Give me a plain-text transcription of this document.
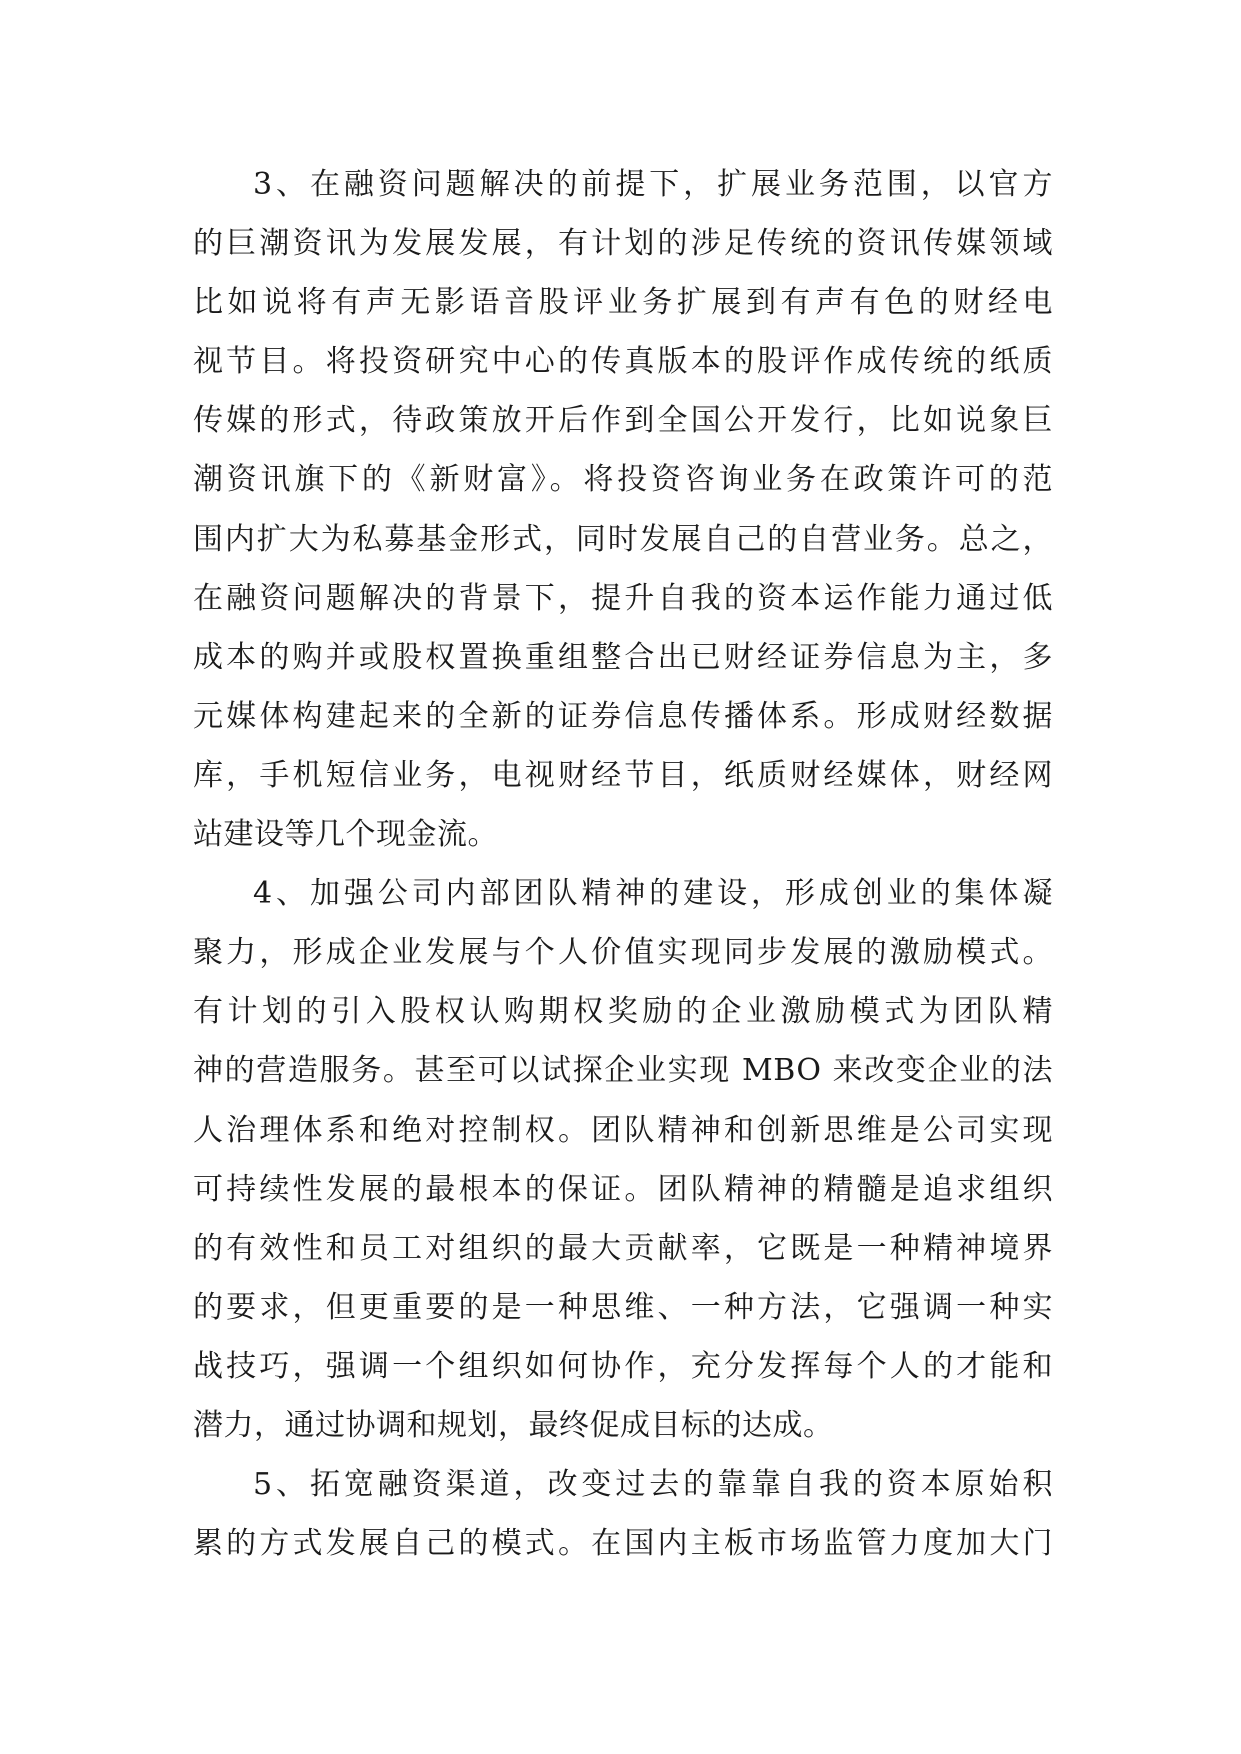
3、在融资问题解决的前提下，扩展业务范围，以官方
的巨潮资讯为发展发展，有计划的涉足传统的资讯传媒领域
比如说将有声无影语音股评业务扩展到有声有色的财经电
视节目。将投资研究中心的传真版本的股评作成传统的纸质
传媒的形式，待政策放开后作到全国公开发行，比如说象巨
潮资讯旗下的《新财富》。将投资咨询业务在政策许可的范
围内扩大为私募基金形式，同时发展自己的自营业务。总之，
在融资问题解决的背景下，提升自我的资本运作能力通过低
成本的购并或股权置换重组整合出已财经证券信息为主，多
元媒体构建起来的全新的证券信息传播体系。形成财经数据
库，手机短信业务，电视财经节目，纸质财经媒体，财经网
站建设等几个现金流。
4、加强公司内部团队精神的建设，形成创业的集体凝
聚力，形成企业发展与个人价值实现同步发展的激励模式。
有计划的引入股权认购期权奖励的企业激励模式为团队精
神的营造服务。甚至可以试探企业实现 MBO 来改变企业的法
人治理体系和绝对控制权。团队精神和创新思维是公司实现
可持续性发展的最根本的保证。团队精神的精髓是追求组织
的有效性和员工对组织的最大贡献率，它既是一种精神境界
的要求，但更重要的是一种思维、一种方法，它强调一种实
战技巧，强调一个组织如何协作，充分发挥每个人的才能和
潜力，通过协调和规划，最终促成目标的达成。
5、拓宽融资渠道，改变过去的靠靠自我的资本原始积
累的方式发展自己的模式。在国内主板市场监管力度加大门
